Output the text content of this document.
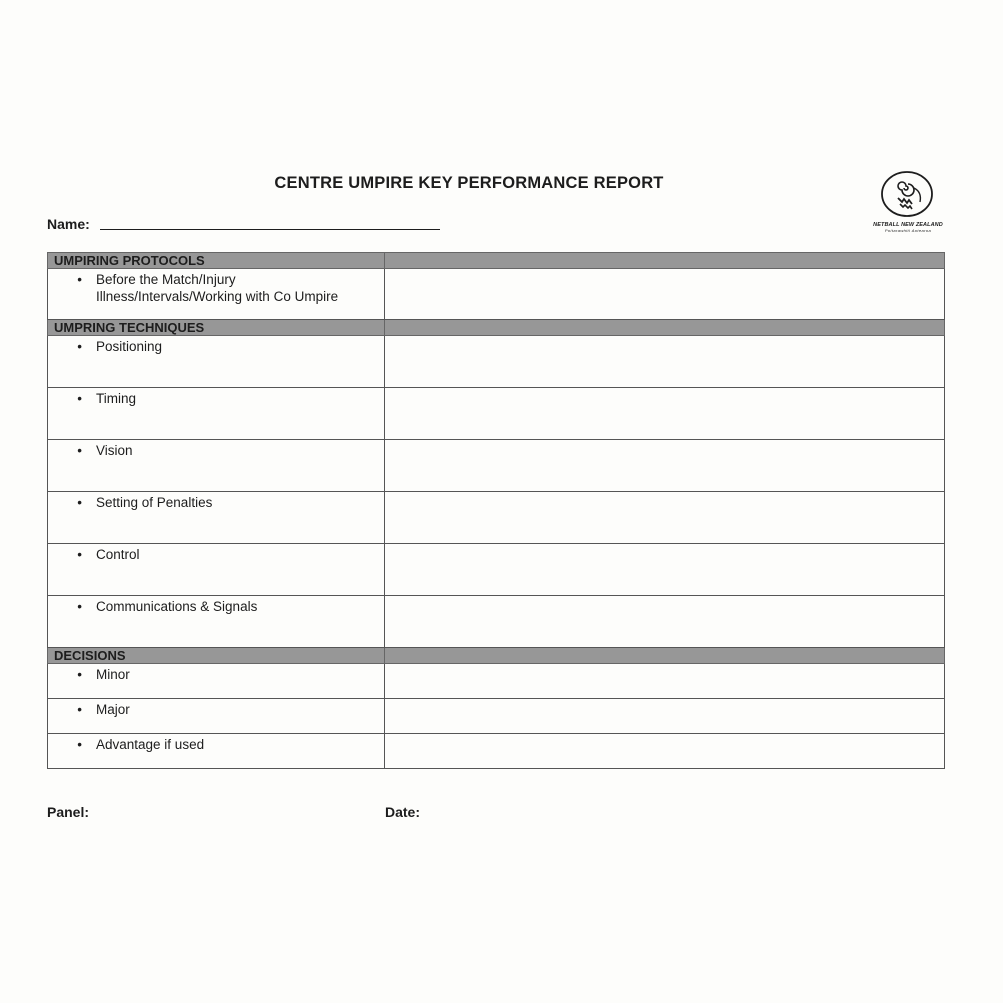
CENTRE UMPIRE KEY PERFORMANCE REPORT
Name:	NETBALL NEW ZEALAND
Poitarawhiti Aotearoa
UMPIRING PROTOCOLS	

• Before the Match/Injury
Illness/Intervals/Working with Co Umpire	

UMPRING TECHNIQUES	

• Positioning	

• Timing	

• Vision	

• Setting of Penalties	

• Control	

• Communications & Signals	

DECISIONS	

• Minor	

• Major	

• Advantage if used	

Panel:	Date:
